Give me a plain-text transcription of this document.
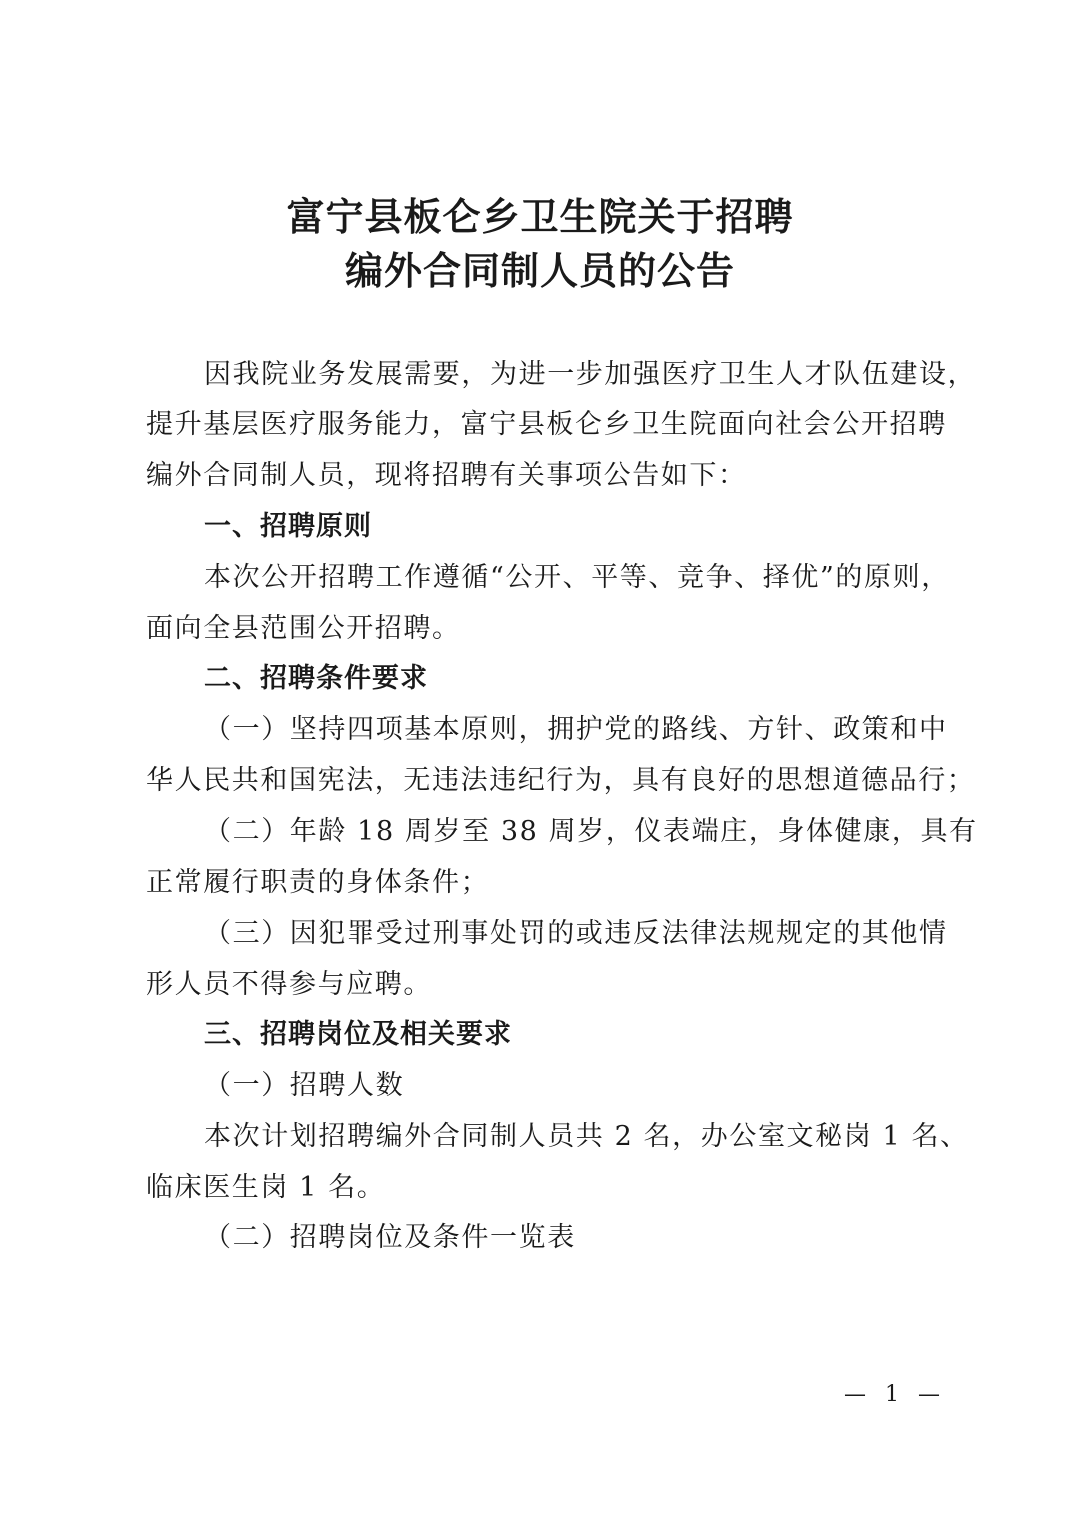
富宁县板仑乡卫生院关于招聘
编外合同制人员的公告
因我院业务发展需要，为进一步加强医疗卫生人才队伍建设，
提升基层医疗服务能力，富宁县板仑乡卫生院面向社会公开招聘
编外合同制人员，现将招聘有关事项公告如下：
一、招聘原则
本次公开招聘工作遵循“公开、平等、竞争、择优”的原则，
面向全县范围公开招聘。
二、招聘条件要求
（一）坚持四项基本原则，拥护党的路线、方针、政策和中
华人民共和国宪法，无违法违纪行为，具有良好的思想道德品行；
（二）年龄 18 周岁至 38 周岁，仪表端庄，身体健康，具有
正常履行职责的身体条件；
（三）因犯罪受过刑事处罚的或违反法律法规规定的其他情
形人员不得参与应聘。
三、招聘岗位及相关要求
（一）招聘人数
本次计划招聘编外合同制人员共 2 名，办公室文秘岗 1 名、
临床医生岗 1 名。
（二）招聘岗位及条件一览表
— 1 —
